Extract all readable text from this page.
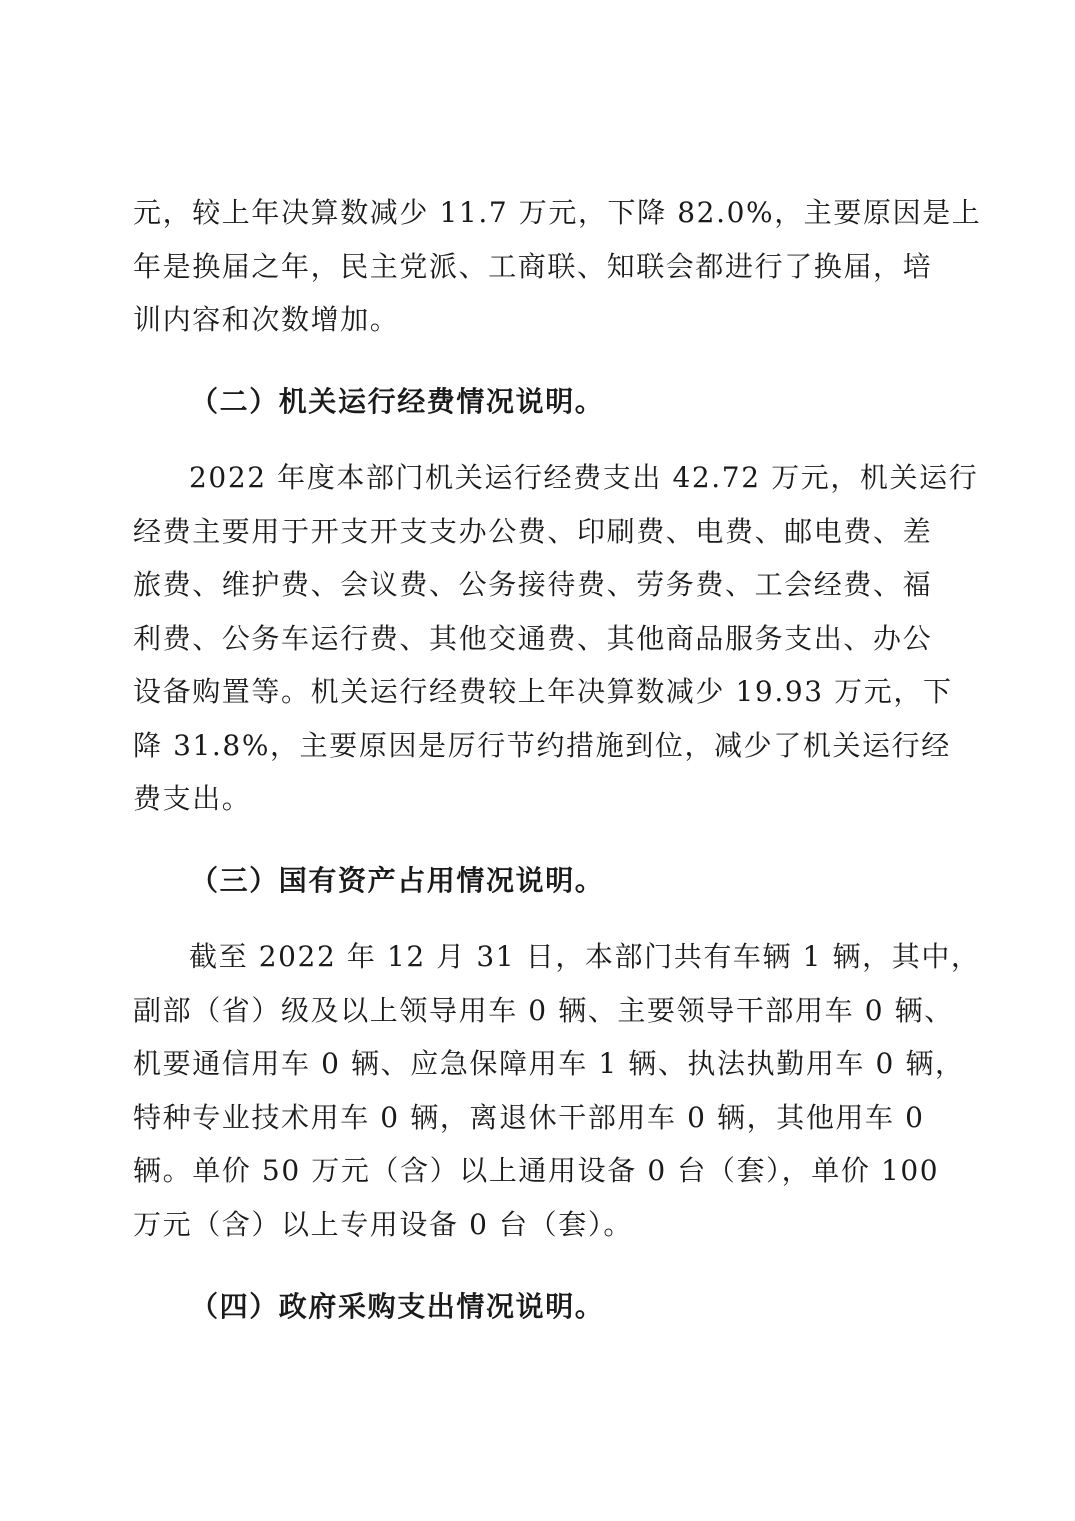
元，较上年决算数减少 11.7 万元，下降 82.0%，主要原因是上
年是换届之年，民主党派、工商联、知联会都进行了换届，培
训内容和次数增加。
（二）机关运行经费情况说明。
2022 年度本部门机关运行经费支出 42.72 万元，机关运行
经费主要用于开支开支支办公费、印刷费、电费、邮电费、差
旅费、维护费、会议费、公务接待费、劳务费、工会经费、福
利费、公务车运行费、其他交通费、其他商品服务支出、办公
设备购置等。机关运行经费较上年决算数减少 19.93 万元，下
降 31.8%，主要原因是厉行节约措施到位，减少了机关运行经
费支出。
（三）国有资产占用情况说明。
截至 2022 年 12 月 31 日，本部门共有车辆 1 辆，其中，
副部（省）级及以上领导用车 0 辆、主要领导干部用车 0 辆、
机要通信用车 0 辆、应急保障用车 1 辆、执法执勤用车 0 辆，
特种专业技术用车 0 辆，离退休干部用车 0 辆，其他用车 0
辆。单价 50 万元（含）以上通用设备 0 台（套），单价 100
万元（含）以上专用设备 0 台（套）。
（四）政府采购支出情况说明。
